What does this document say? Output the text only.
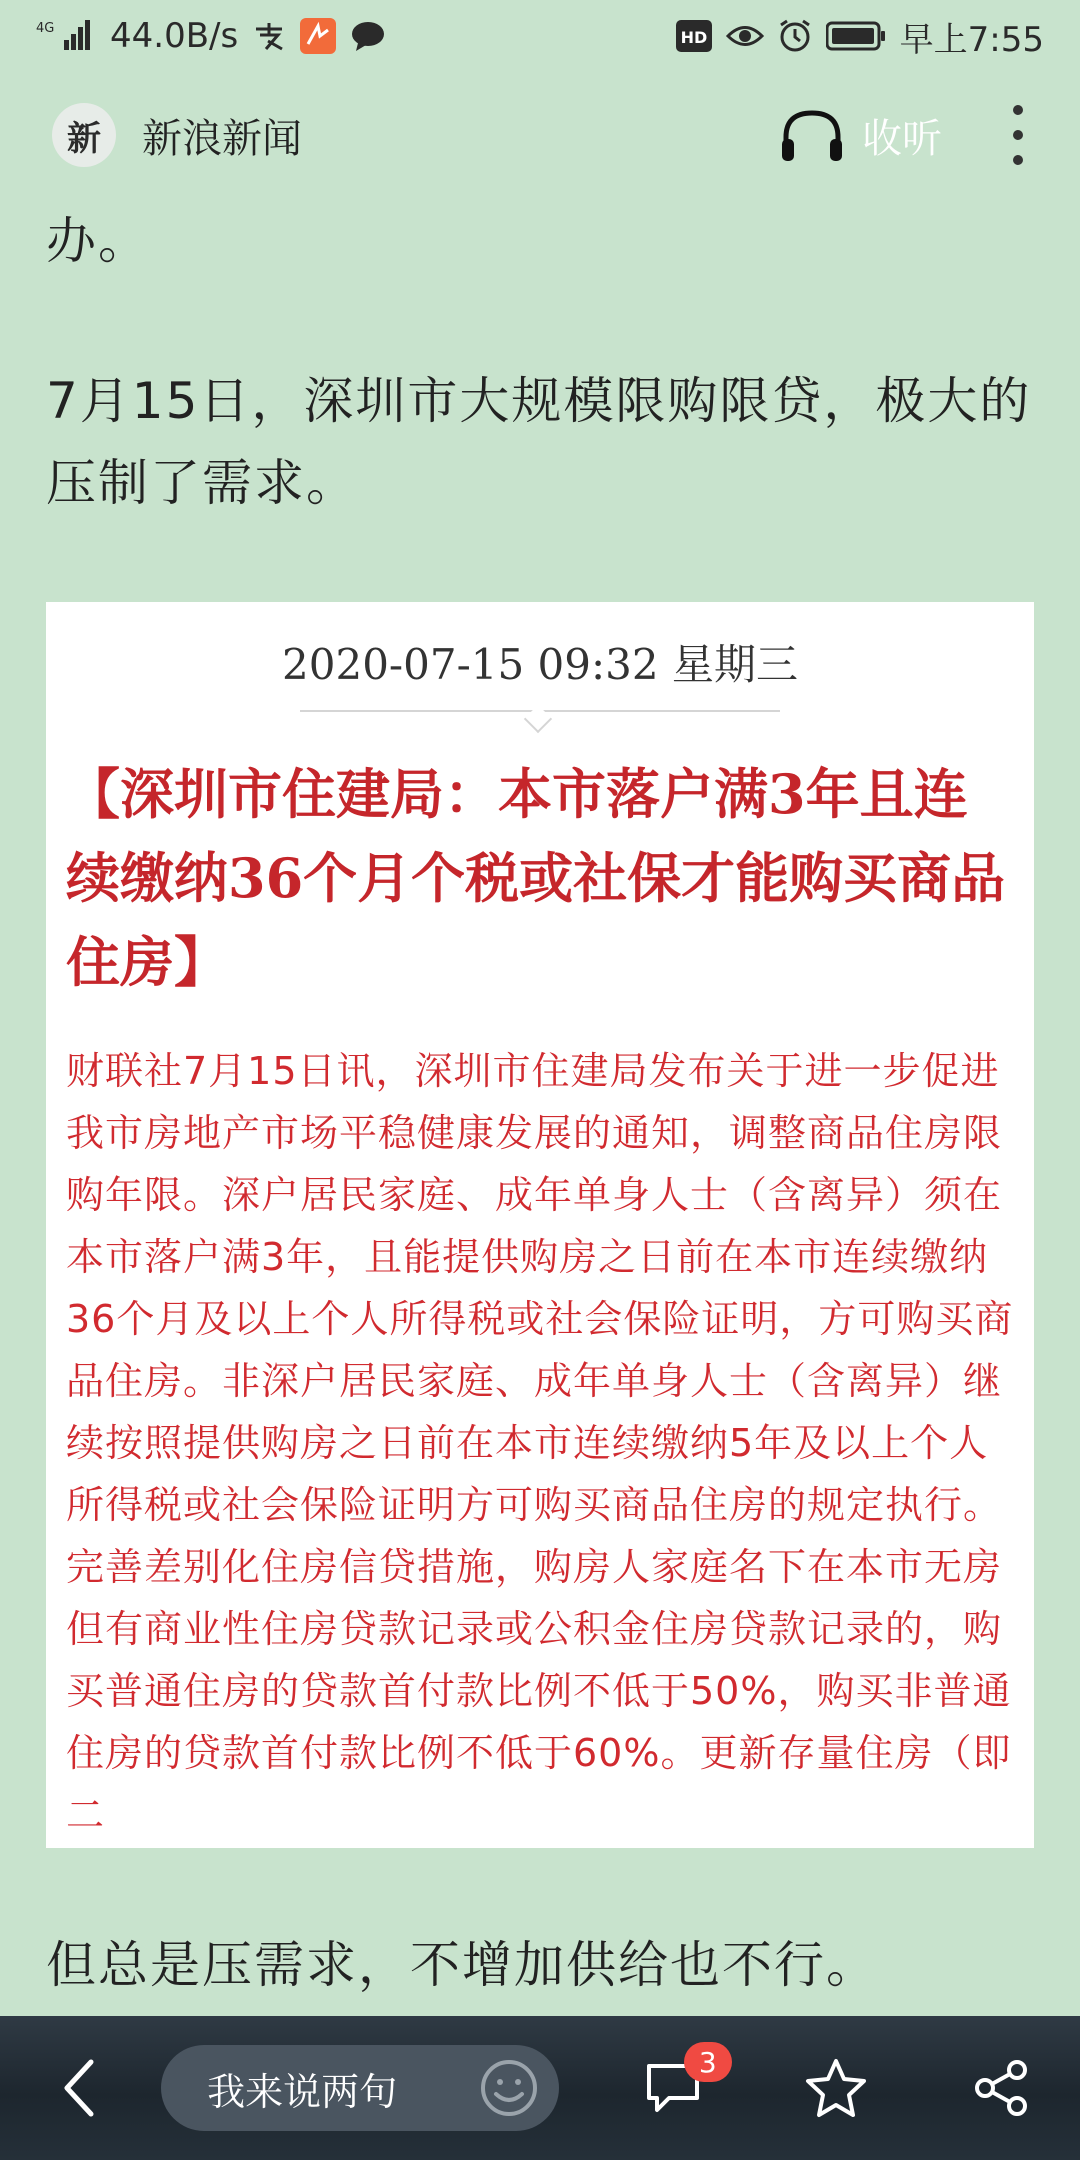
4G 44.0B/s	HD	早上7:55
新	新浪新闻	收听
办。
7月15日，深圳市大规模限购限贷，极大的压制了需求。
2020-07-15 09:32 星期三
【深圳市住建局：本市落户满3年且连续缴纳36个月个税或社保才能购买商品住房】
财联社7月15日讯，深圳市住建局发布关于进一步促进我市房地产市场平稳健康发展的通知，调整商品住房限购年限。深户居民家庭、成年单身人士（含离异）须在本市落户满3年，且能提供购房之日前在本市连续缴纳36个月及以上个人所得税或社会保险证明，方可购买商品住房。非深户居民家庭、成年单身人士（含离异）继续按照提供购房之日前在本市连续缴纳5年及以上个人所得税或社会保险证明方可购买商品住房的规定执行。完善差别化住房信贷措施，购房人家庭名下在本市无房但有商业性住房贷款记录或公积金住房贷款记录的，购买普通住房的贷款首付款比例不低于50%，购买非普通住房的贷款首付款比例不低于60%。更新存量住房（即二
但总是压需求，不增加供给也不行。
我来说两句
3
